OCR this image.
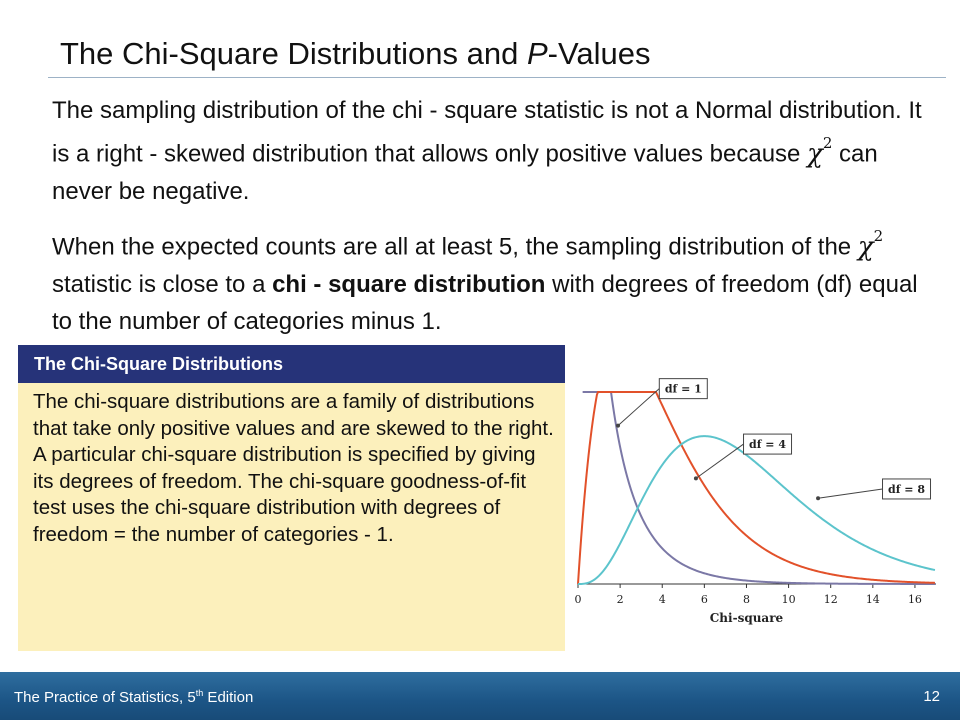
The Chi-Square Distributions and P-Values
The sampling distribution of the chi - square statistic is not a Normal distribution. It is a right - skewed distribution that allows only positive values because $\chi^2$ can never be negative.
When the expected counts are all at least 5, the sampling distribution of the $\chi^2$ statistic is close to a chi - square distribution with degrees of freedom (df) equal to the number of categories minus 1.
The Chi-Square Distributions
The chi-square distributions are a family of distributions that take only positive values and are skewed to the right. A particular chi-square distribution is specified by giving its degrees of freedom. The chi-square goodness-of-fit test uses the chi-square distribution with degrees of freedom = the number of categories - 1.
0	2	4	6	8	10	12	14	16
Chi-square
df = 1
df = 4
df = 8
The Practice of Statistics, 5th Edition	12
